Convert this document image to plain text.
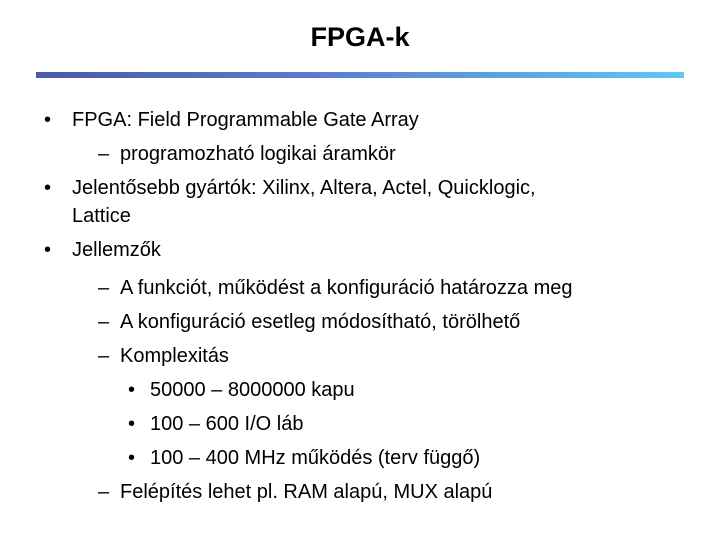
FPGA-k
• FPGA: Field Programmable Gate Array
– programozható logikai áramkör
• Jelentősebb gyártók: Xilinx, Altera, Actel, Quicklogic,
Lattice
• Jellemzők
– A funkciót, működést a konfiguráció határozza meg
– A konfiguráció esetleg módosítható, törölhető
– Komplexitás
• 50000 – 8000000 kapu
• 100 – 600 I/O láb
• 100 – 400 MHz működés (terv függő)
– Felépítés lehet pl. RAM alapú, MUX alapú
